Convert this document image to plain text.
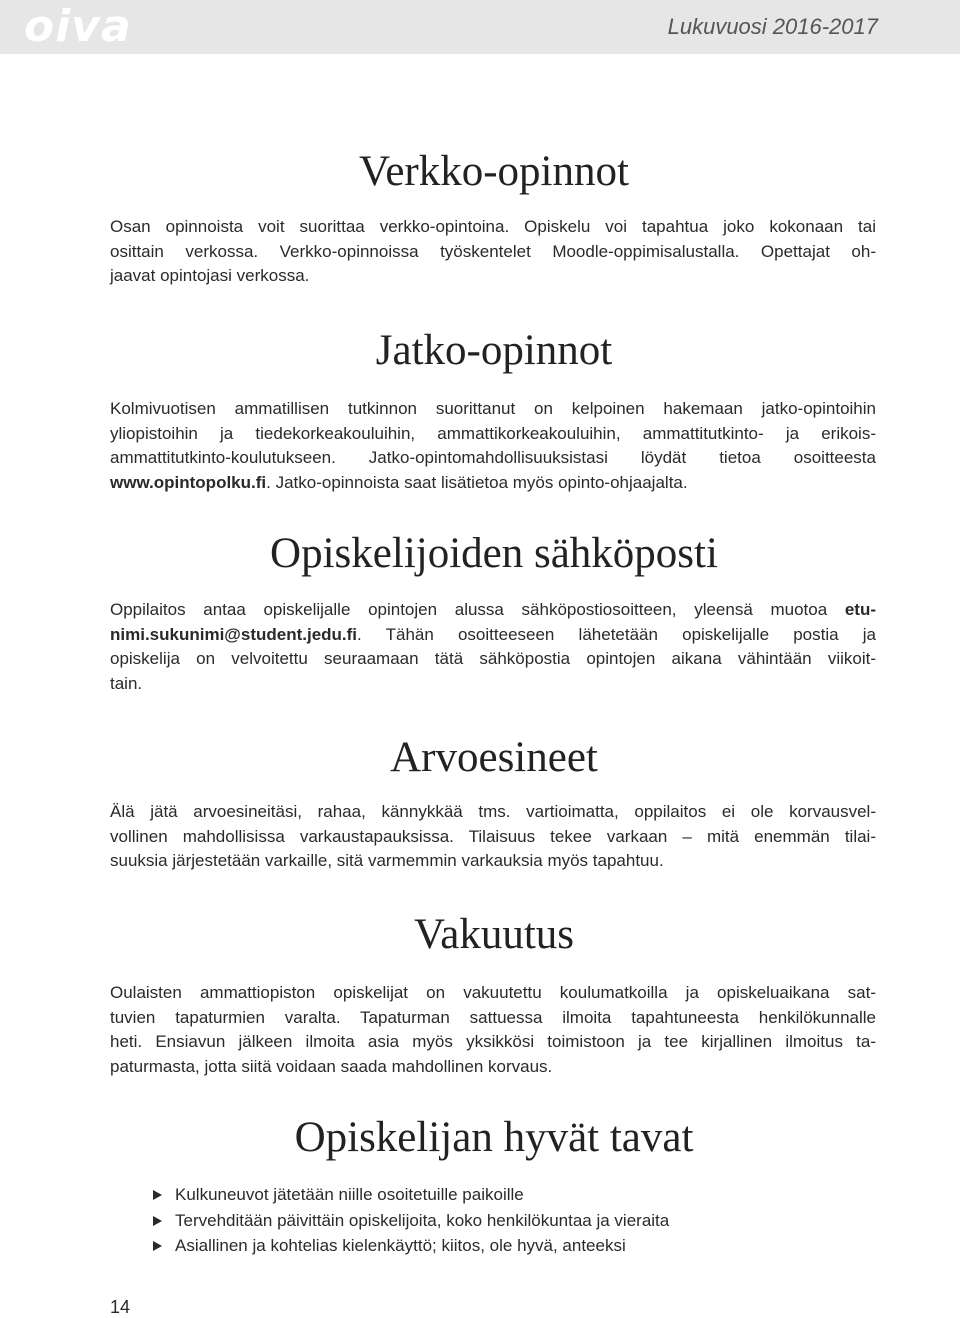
oiva	Lukuvuosi 2016-2017
Verkko-opinnot

Osan opinnoista voit suorittaa verkko-opintoina. Opiskelu voi tapahtua joko kokonaan tai
osittain verkossa. Verkko-opinnoissa työskentelet Moodle-oppimisalustalla. Opettajat oh-
jaavat opintojasi verkossa.

Jatko-opinnot

Kolmivuotisen ammatillisen tutkinnon suorittanut on kelpoinen hakemaan jatko-opintoihin
yliopistoihin ja tiedekorkeakouluihin, ammattikorkeakouluihin, ammattitutkinto- ja erikois-
ammattitutkinto-koulutukseen. Jatko-opintomahdollisuuksistasi löydät tietoa osoitteesta
www.opintopolku.fi. Jatko-opinnoista saat lisätietoa myös opinto-ohjaajalta.

Opiskelijoiden sähköposti

Oppilaitos antaa opiskelijalle opintojen alussa sähköpostiosoitteen, yleensä muotoa etu-
nimi.sukunimi@student.jedu.fi. Tähän osoitteeseen lähetetään opiskelijalle postia ja
opiskelija on velvoitettu seuraamaan tätä sähköpostia opintojen aikana vähintään viikoit-
tain.

Arvoesineet

Älä jätä arvoesineitäsi, rahaa, kännykkää tms. vartioimatta, oppilaitos ei ole korvausvel-
vollinen mahdollisissa varkaustapauksissa. Tilaisuus tekee varkaan – mitä enemmän tilai-
suuksia järjestetään varkaille, sitä varmemmin varkauksia myös tapahtuu.

Vakuutus

Oulaisten ammattiopiston opiskelijat on vakuutettu koulumatkoilla ja opiskeluaikana sat-
tuvien tapaturmien varalta. Tapaturman sattuessa ilmoita tapahtuneesta henkilökunnalle
heti. Ensiavun jälkeen ilmoita asia myös yksikkösi toimistoon ja tee kirjallinen ilmoitus ta-
paturmasta, jotta siitä voidaan saada mahdollinen korvaus.

Opiskelijan hyvät tavat
Kulkuneuvot jätetään niille osoitetuille paikoille
Tervehditään päivittäin opiskelijoita, koko henkilökuntaa ja vieraita
Asiallinen ja kohtelias kielenkäyttö; kiitos, ole hyvä, anteeksi
14
